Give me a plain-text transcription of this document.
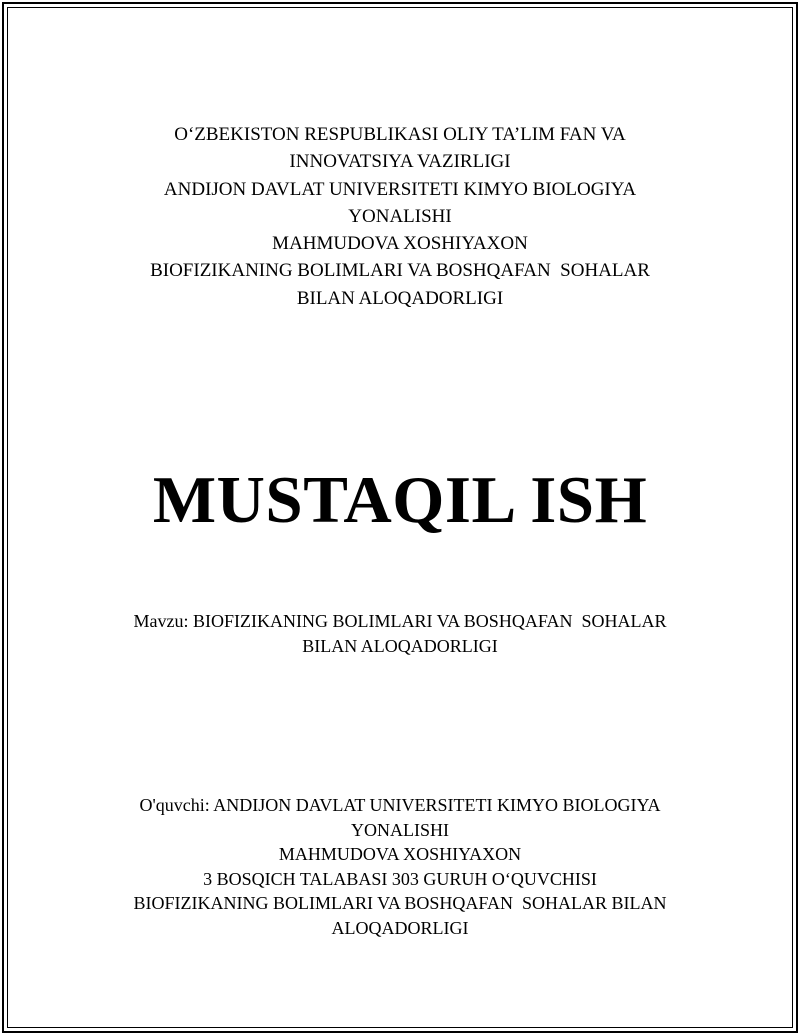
O‘ZBEKISTON RESPUBLIKASI OLIY TA’LIM FAN VA
INNOVATSIYA VAZIRLIGI
ANDIJON DAVLAT UNIVERSITETI KIMYO BIOLOGIYA
YONALISHI
MAHMUDOVA XOSHIYAXON
BIOFIZIKANING BOLIMLARI VA BOSHQAFAN  SOHALAR
BILAN ALOQADORLIGI
MUSTAQIL ISH
Mavzu: BIOFIZIKANING BOLIMLARI VA BOSHQAFAN  SOHALAR
BILAN ALOQADORLIGI
O'quvchi: ANDIJON DAVLAT UNIVERSITETI KIMYO BIOLOGIYA
YONALISHI
MAHMUDOVA XOSHIYAXON
3 BOSQICH TALABASI 303 GURUH O‘QUVCHISI
BIOFIZIKANING BOLIMLARI VA BOSHQAFAN  SOHALAR BILAN
ALOQADORLIGI
